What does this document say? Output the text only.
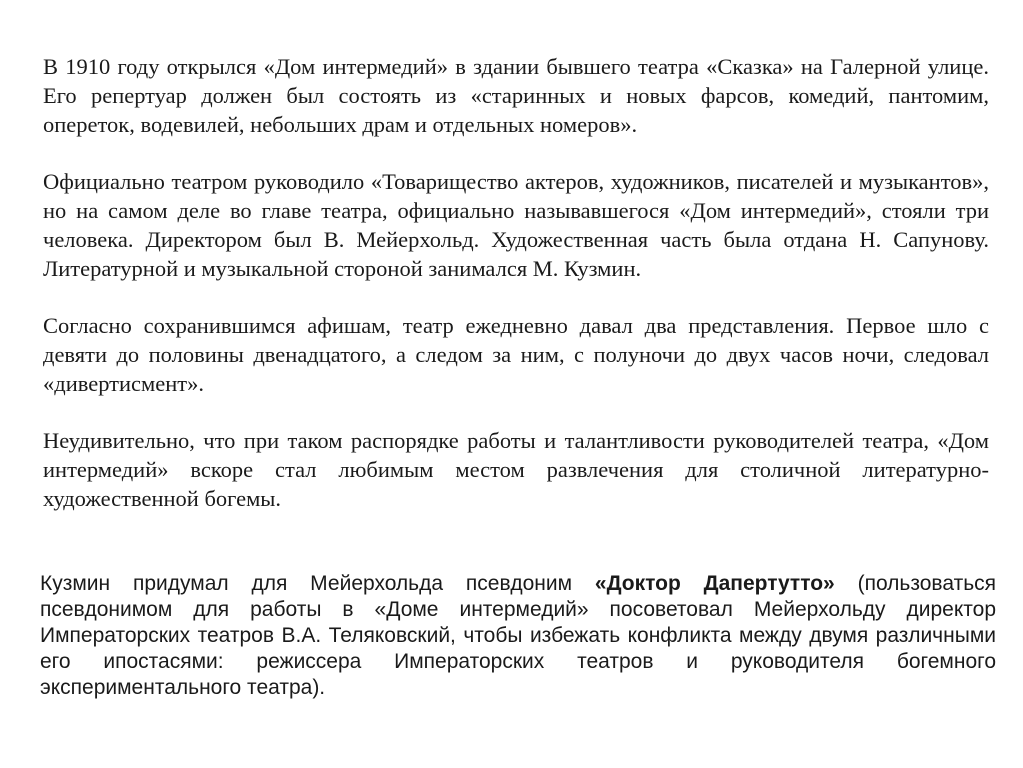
В 1910 году открылся «Дом интермедий» в здании бывшего театра «Сказка» на Галерной улице. Его репертуар должен был состоять из «старинных и новых фарсов, комедий, пантомим, опереток, водевилей, небольших драм и отдельных номеров».

Официально театром руководило «Товарищество актеров, художников, писателей и музыкантов», но на самом деле во главе театра, официально называвшегося «Дом интермедий», стояли три человека. Директором был В. Мейерхольд. Художественная часть была отдана Н. Сапунову. Литературной и музыкальной стороной занимался М. Кузмин.

Согласно сохранившимся афишам, театр ежедневно давал два представления. Первое шло с девяти до половины двенадцатого, а следом за ним, с полуночи до двух часов ночи, следовал «дивертисмент».

Неудивительно, что при таком распорядке работы и талантливости руководителей театра, «Дом интермедий» вскоре стал любимым местом развлечения для столичной литературно-художественной богемы.

Кузмин придумал для Мейерхольда псевдоним «Доктор Дапертутто» (пользоваться псевдонимом для работы в «Доме интермедий» посоветовал Мейерхольду директор Императорских театров В.А. Теляковский, чтобы избежать конфликта между двумя различными его ипостасями: режиссера Императорских театров и руководителя богемного экспериментального театра).
